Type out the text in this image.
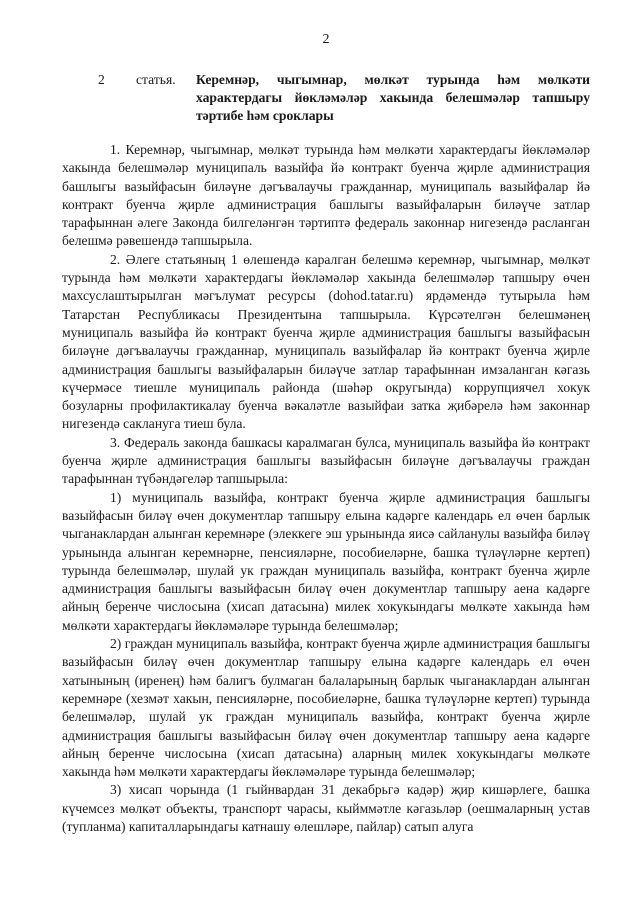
2
2	статья.	Керемнәр, чыгымнар, мөлкәт турында һәм мөлкәти характердагы йөкләмәләр хакында белешмәләр тапшыру тәртибе һәм срoклары

1. Керемнәр, чыгымнар, мөлкәт турында һәм мөлкәти характердагы йөкләмәләр хакында белешмәләр муниципаль вазыйфа йә контракт буенча җирле администрация башлыгы вазыйфасын биләүне дәгъвалаучы гражданнар, муниципаль вазыйфалар йә контракт буенча җирле администрация башлыгы вазыйфаларын биләүче затлар тарафыннан әлеге Законда билгеләнгән тәртиптә федераль законнар нигезендә расланган белешмә рәвешендә тапшырыла.

2. Әлеге статьяның 1 өлешендә каралган белешмә керемнәр, чыгымнар, мөлкәт турында һәм мөлкәти характердагы йөкләмәләр хакында белешмәләр тапшыру өчен махсуслаштырылган мәгълумат ресурсы (dohod.tatar.ru) ярдәмендә тутырыла һәм Татарстан Республикасы Президентына тапшырыла. Күрсәтелгән белешмәнең муниципаль вазыйфа йә контракт буенча җирле администрация башлыгы вазыйфасын биләүне дәгъвалаучы гражданнар, муниципаль вазыйфалар йә контракт буенча җирле администрация башлыгы вазыйфаларын биләүче затлар тарафыннан имзаланган кәгазь күчермәсе тиешле муниципаль районда (шәһәр округында) коррупциячел хокук бозуларны профилактикалау буенча вәкаләтле вазыйфаи затка җибәрелә һәм законнар нигезендә саклануга тиеш була.

3. Федераль законда башкасы каралмаган булса, муниципаль вазыйфа йә контракт буенча җирле администрация башлыгы вазыйфасын биләүне дәгъвалаучы граждан тарафыннан түбәндәгеләр тапшырыла:

1) муниципаль вазыйфа, контракт буенча җирле администрация башлыгы вазыйфасын биләү өчен документлар тапшыру елына кадәрге календарь ел өчен барлык чыганаклардан алынган керемнәре (элеккеге эш урынында яисә сайланулы вазыйфа биләү урынында алынган керемнәрне, пенсияләрне, пособиеләрне, башка түләүләрне кертеп) турында белешмәләр, шулай ук граждан муниципаль вазыйфа, контракт буенча җирле администрация башлыгы вазыйфасын биләү өчен документлар тапшыру аена кадәрге айның беренче числосына (хисап датасына) милек хокукындагы мөлкәте хакында һәм мөлкәти характердагы йөкләмәләре турында белешмәләр;

2) граждан муниципаль вазыйфа, контракт буенча җирле администрация башлыгы вазыйфасын биләү өчен документлар тапшыру елына кадәрге календарь ел өчен хатынының (иренең) һәм балигъ булмаган балаларының барлык чыганаклардан алынган керемнәре (хезмәт хакын, пенсияләрне, пособиеләрне, башка түләүләрне кертеп) турында белешмәләр, шулай ук граждан муниципаль вазыйфа, контракт буенча җирле администрация башлыгы вазыйфасын биләү өчен документлар тапшыру аена кадәрге айның беренче числосына (хисап датасына) аларның милек хокукындагы мөлкәте хакында һәм мөлкәти характердагы йөкләмәләре турында белешмәләр;

3) хисап чорында (1 гыйнвардан 31 декабрьгә кадәр) җир кишәрлеге, башка күчемсез мөлкәт объекты, транспорт чарасы, кыйммәтле кәгазьләр (оешмаларның устав (тупланма) капиталларындагы катнашу өлешләре, пайлар) сатып алуга
